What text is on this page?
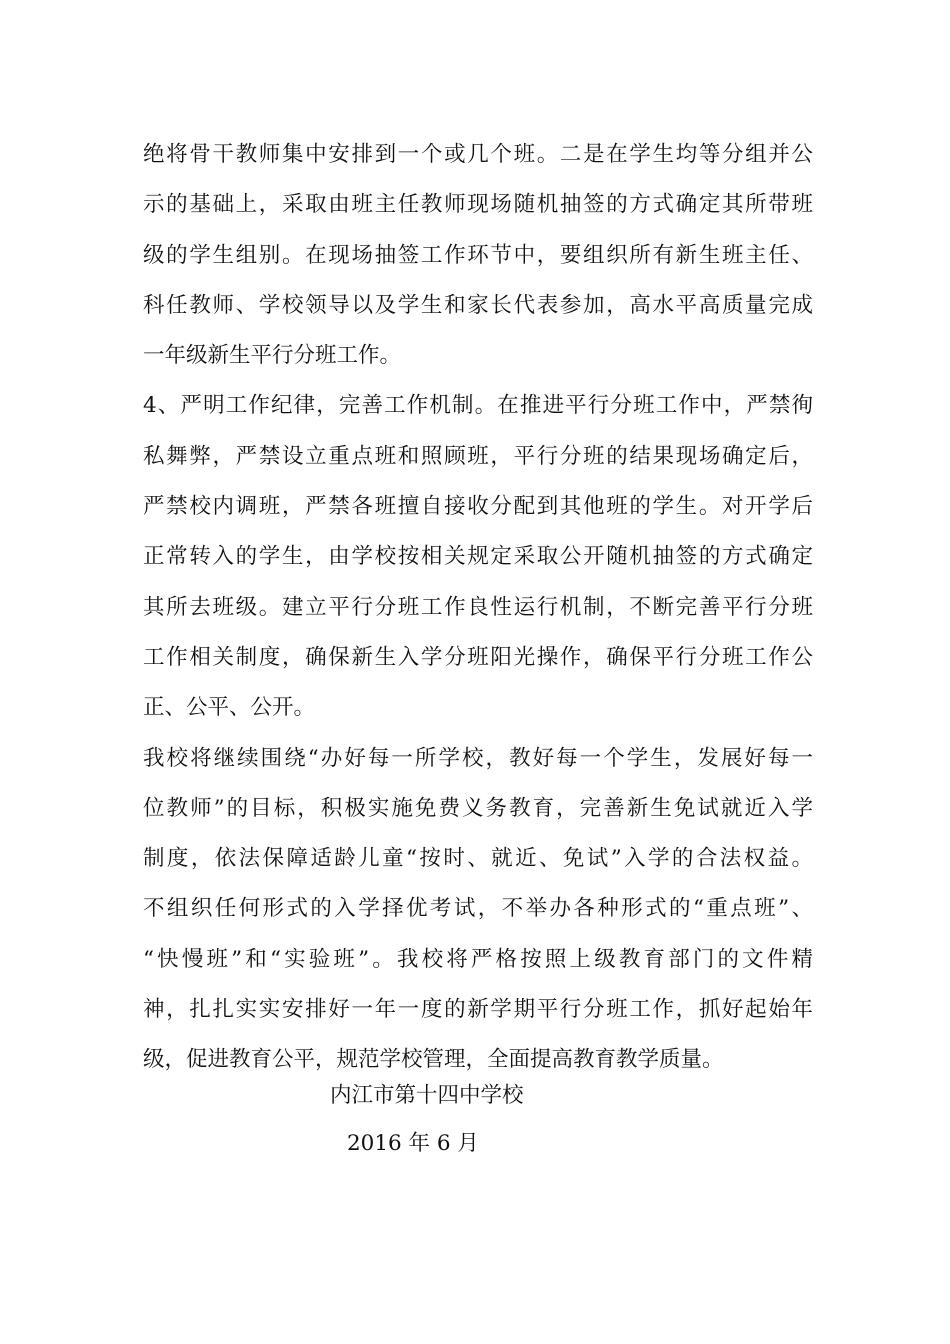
绝将骨干教师集中安排到一个或几个班。二是在学生均等分组并公
示的基础上，采取由班主任教师现场随机抽签的方式确定其所带班
级的学生组别。在现场抽签工作环节中，要组织所有新生班主任、
科任教师、学校领导以及学生和家长代表参加，高水平高质量完成
一年级新生平行分班工作。
4、严明工作纪律，完善工作机制。在推进平行分班工作中，严禁徇
私舞弊，严禁设立重点班和照顾班，平行分班的结果现场确定后，
严禁校内调班，严禁各班擅自接收分配到其他班的学生。对开学后
正常转入的学生，由学校按相关规定采取公开随机抽签的方式确定
其所去班级。建立平行分班工作良性运行机制，不断完善平行分班
工作相关制度，确保新生入学分班阳光操作，确保平行分班工作公
正、公平、公开。
我校将继续围绕“办好每一所学校，教好每一个学生，发展好每一
位教师”的目标，积极实施免费义务教育，完善新生免试就近入学
制度，依法保障适龄儿童“按时、就近、免试”入学的合法权益。
不组织任何形式的入学择优考试，不举办各种形式的“重点班”、
“快慢班”和“实验班”。我校将严格按照上级教育部门的文件精
神，扎扎实实安排好一年一度的新学期平行分班工作，抓好起始年
级，促进教育公平，规范学校管理，全面提高教育教学质量。
内江市第十四中学校
2016 年 6 月
